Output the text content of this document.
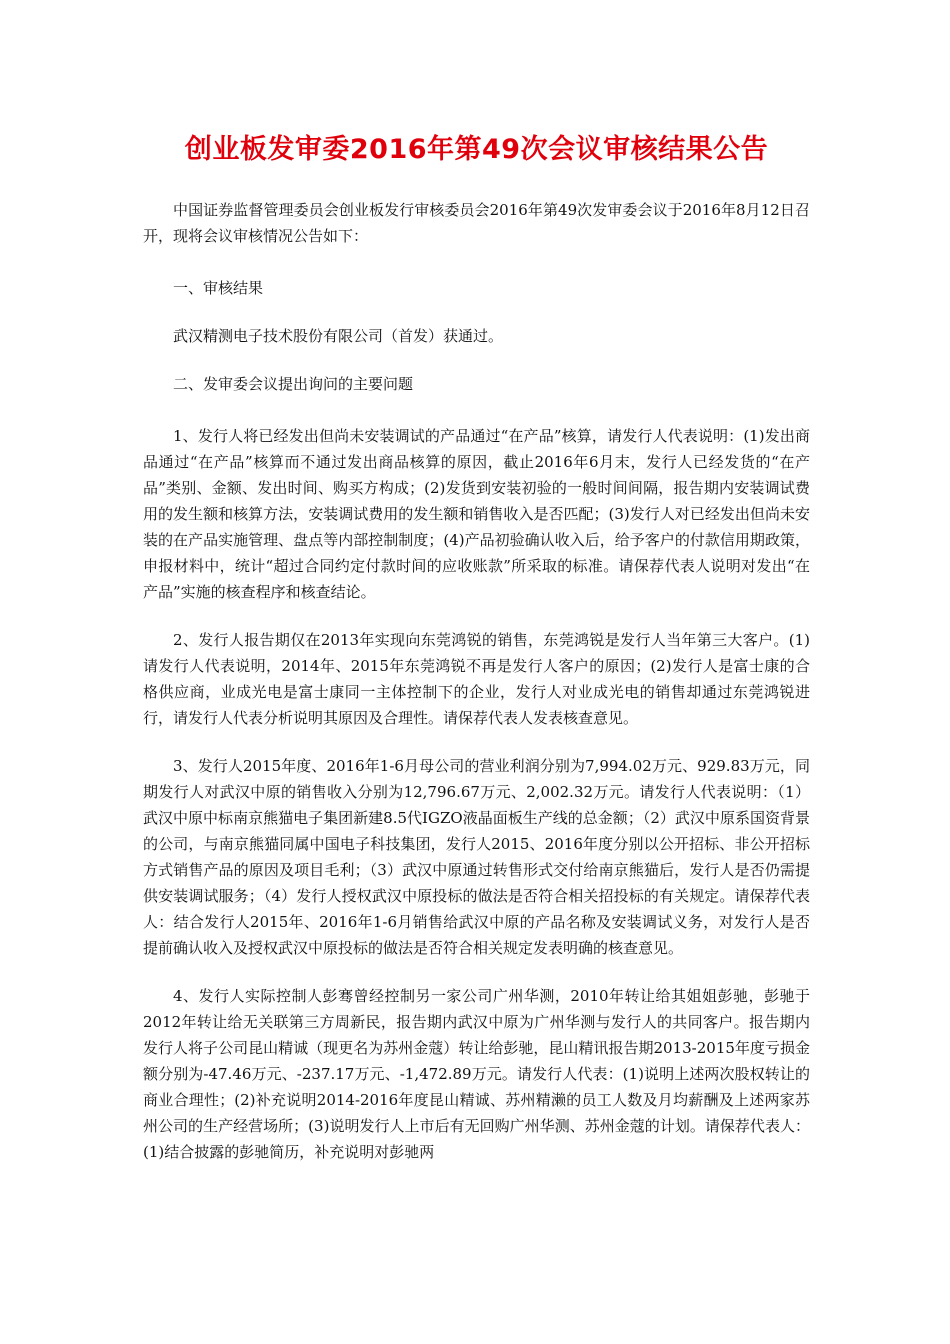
创业板发审委2016年第49次会议审核结果公告

中国证券监督管理委员会创业板发行审核委员会2016年第49次发审委会议于2016年8月12日召开，现将会议审核情况公告如下：

一、审核结果

武汉精测电子技术股份有限公司（首发）获通过。

二、发审委会议提出询问的主要问题

1、发行人将已经发出但尚未安装调试的产品通过“在产品”核算，请发行人代表说明：(1)发出商品通过“在产品”核算而不通过发出商品核算的原因，截止2016年6月末，发行人已经发货的“在产品”类别、金额、发出时间、购买方构成；(2)发货到安装初验的一般时间间隔，报告期内安装调试费用的发生额和核算方法，安装调试费用的发生额和销售收入是否匹配；(3)发行人对已经发出但尚未安装的在产品实施管理、盘点等内部控制制度；(4)产品初验确认收入后，给予客户的付款信用期政策，申报材料中，统计“超过合同约定付款时间的应收账款”所采取的标准。请保荐代表人说明对发出“在产品”实施的核查程序和核查结论。

2、发行人报告期仅在2013年实现向东莞鸿锐的销售，东莞鸿锐是发行人当年第三大客户。(1)请发行人代表说明，2014年、2015年东莞鸿锐不再是发行人客户的原因；(2)发行人是富士康的合格供应商，业成光电是富士康同一主体控制下的企业，发行人对业成光电的销售却通过东莞鸿锐进行，请发行人代表分析说明其原因及合理性。请保荐代表人发表核查意见。

3、发行人2015年度、2016年1-6月母公司的营业利润分别为7,994.02万元、929.83万元，同期发行人对武汉中原的销售收入分别为12,796.67万元、2,002.32万元。请发行人代表说明：（1）武汉中原中标南京熊猫电子集团新建8.5代IGZO液晶面板生产线的总金额；（2）武汉中原系国资背景的公司，与南京熊猫同属中国电子科技集团，发行人2015、2016年度分别以公开招标、非公开招标方式销售产品的原因及项目毛利；（3）武汉中原通过转售形式交付给南京熊猫后，发行人是否仍需提供安装调试服务；（4）发行人授权武汉中原投标的做法是否符合相关招投标的有关规定。请保荐代表人：结合发行人2015年、2016年1-6月销售给武汉中原的产品名称及安装调试义务，对发行人是否提前确认收入及授权武汉中原投标的做法是否符合相关规定发表明确的核查意见。

4、发行人实际控制人彭骞曾经控制另一家公司广州华测，2010年转让给其姐姐彭驰，彭驰于2012年转让给无关联第三方周新民，报告期内武汉中原为广州华测与发行人的共同客户。报告期内发行人将子公司昆山精诚（现更名为苏州金蔻）转让给彭驰，昆山精讯报告期2013-2015年度亏损金额分别为-47.46万元、-237.17万元、-1,472.89万元。请发行人代表：(1)说明上述两次股权转让的商业合理性；(2)补充说明2014-2016年度昆山精诚、苏州精濑的员工人数及月均薪酬及上述两家苏州公司的生产经营场所；(3)说明发行人上市后有无回购广州华测、苏州金蔻的计划。请保荐代表人：(1)结合披露的彭驰简历，补充说明对彭驰两
